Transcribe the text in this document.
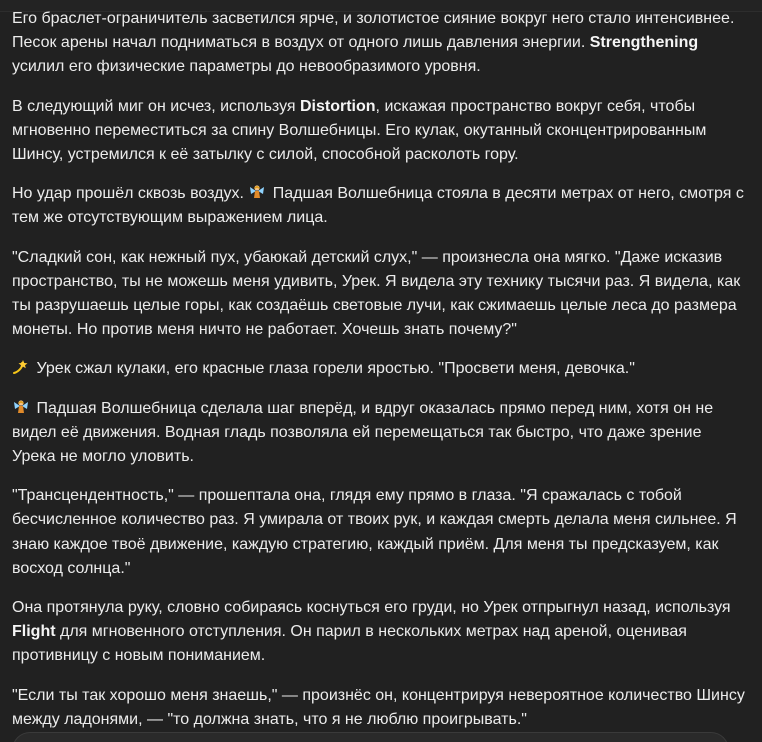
Его браслет-ограничитель засветился ярче, и золотистое сияние вокруг него стало интенсивнее. Песок арены начал подниматься в воздух от одного лишь давления энергии. Strengthening усилил его физические параметры до невообразимого уровня.

В следующий миг он исчез, используя Distortion, искажая пространство вокруг себя, чтобы мгновенно переместиться за спину Волшебницы. Его кулак, окутанный сконцентрированным Шинсу, устремился к её затылку с силой, способной расколоть гору.

Но удар прошёл сквозь воздух.  Падшая Волшебница стояла в десяти метрах от него, смотря с тем же отсутствующим выражением лица.

"Сладкий сон, как нежный пух, убаюкай детский слух," — произнесла она мягко. "Даже исказив пространство, ты не можешь меня удивить, Урек. Я видела эту технику тысячи раз. Я видела, как ты разрушаешь целые горы, как создаёшь световые лучи, как сжимаешь целые леса до размера монеты. Но против меня ничто не работает. Хочешь знать почему?"

Урек сжал кулаки, его красные глаза горели яростью. "Просвети меня, девочка."

Падшая Волшебница сделала шаг вперёд, и вдруг оказалась прямо перед ним, хотя он не видел её движения. Водная гладь позволяла ей перемещаться так быстро, что даже зрение Урека не могло уловить.

"Трансцендентность," — прошептала она, глядя ему прямо в глаза. "Я сражалась с тобой бесчисленное количество раз. Я умирала от твоих рук, и каждая смерть делала меня сильнее. Я знаю каждое твоё движение, каждую стратегию, каждый приём. Для меня ты предсказуем, как восход солнца."

Она протянула руку, словно собираясь коснуться его груди, но Урек отпрыгнул назад, используя Flight для мгновенного отступления. Он парил в нескольких метрах над ареной, оценивая противницу с новым пониманием.

"Если ты так хорошо меня знаешь," — произнёс он, концентрируя невероятное количество Шинсу между ладонями, — "то должна знать, что я не люблю проигрывать."
